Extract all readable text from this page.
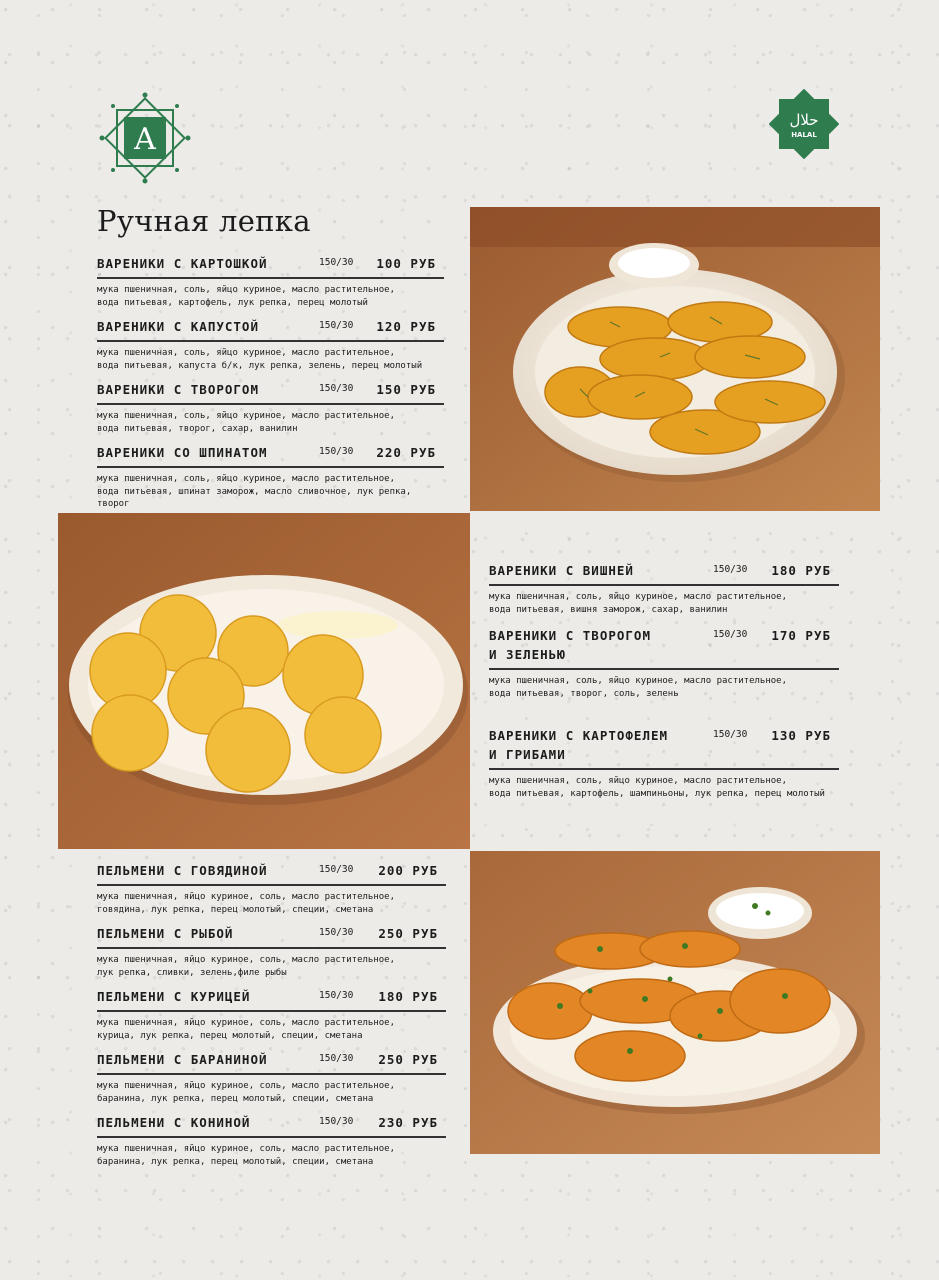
A
حلال
HALAL
Ручная лепка
ВАРЕНИКИ С КАРТОШКОЙ	150/30 100 РУБ
мука пшеничная, соль, яйцо куриное, масло растительное,
вода питьевая, картофель, лук репка, перец молотый
ВАРЕНИКИ С КАПУСТОЙ	150/30 120 РУБ
мука пшеничная, соль, яйцо куриное, масло растительное,
вода питьевая, капуста б/к, лук репка, зелень, перец молотый
ВАРЕНИКИ С ТВОРОГОМ	150/30 150 РУБ
мука пшеничная, соль, яйцо куриное, масло растительное,
вода питьевая, творог, сахар, ванилин
ВАРЕНИКИ СО ШПИНАТОМ	150/30 220 РУБ
мука пшеничная, соль, яйцо куриное, масло растительное,
вода питьевая, шпинат заморож, масло сливочное, лук репка,
творог
ВАРЕНИКИ С ВИШНЕЙ	150/30 180 РУБ
мука пшеничная, соль, яйцо куриное, масло растительное,
вода питьевая, вишня заморож, сахар, ванилин
ВАРЕНИКИ С ТВОРОГОМ
И ЗЕЛЕНЬЮ
150/30 170 РУБ
мука пшеничная, соль, яйцо куриное, масло растительное,
вода питьевая, творог, соль, зелень
ВАРЕНИКИ С КАРТОФЕЛЕМ
И ГРИБАМИ
150/30 130 РУБ
мука пшеничная, соль, яйцо куриное, масло растительное,
вода питьевая, картофель, шампиньоны, лук репка, перец молотый
ПЕЛЬМЕНИ С ГОВЯДИНОЙ	150/30 200 РУБ
мука пшеничная, яйцо куриное, соль, масло растительное,
говядина, лук репка, перец молотый, специи, сметана
ПЕЛЬМЕНИ С РЫБОЙ	150/30 250 РУБ
мука пшеничная, яйцо куриное, соль, масло растительное,
лук репка, сливки, зелень,филе рыбы
ПЕЛЬМЕНИ С КУРИЦЕЙ	150/30 180 РУБ
мука пшеничная, яйцо куриное, соль, масло растительное,
курица, лук репка, перец молотый, специи, сметана
ПЕЛЬМЕНИ С БАРАНИНОЙ	150/30 250 РУБ
мука пшеничная, яйцо куриное, соль, масло растительное,
баранина, лук репка, перец молотый, специи, сметана
ПЕЛЬМЕНИ С КОНИНОЙ	150/30 230 РУБ
мука пшеничная, яйцо куриное, соль, масло растительное,
баранина, лук репка, перец молотый, специи, сметана
